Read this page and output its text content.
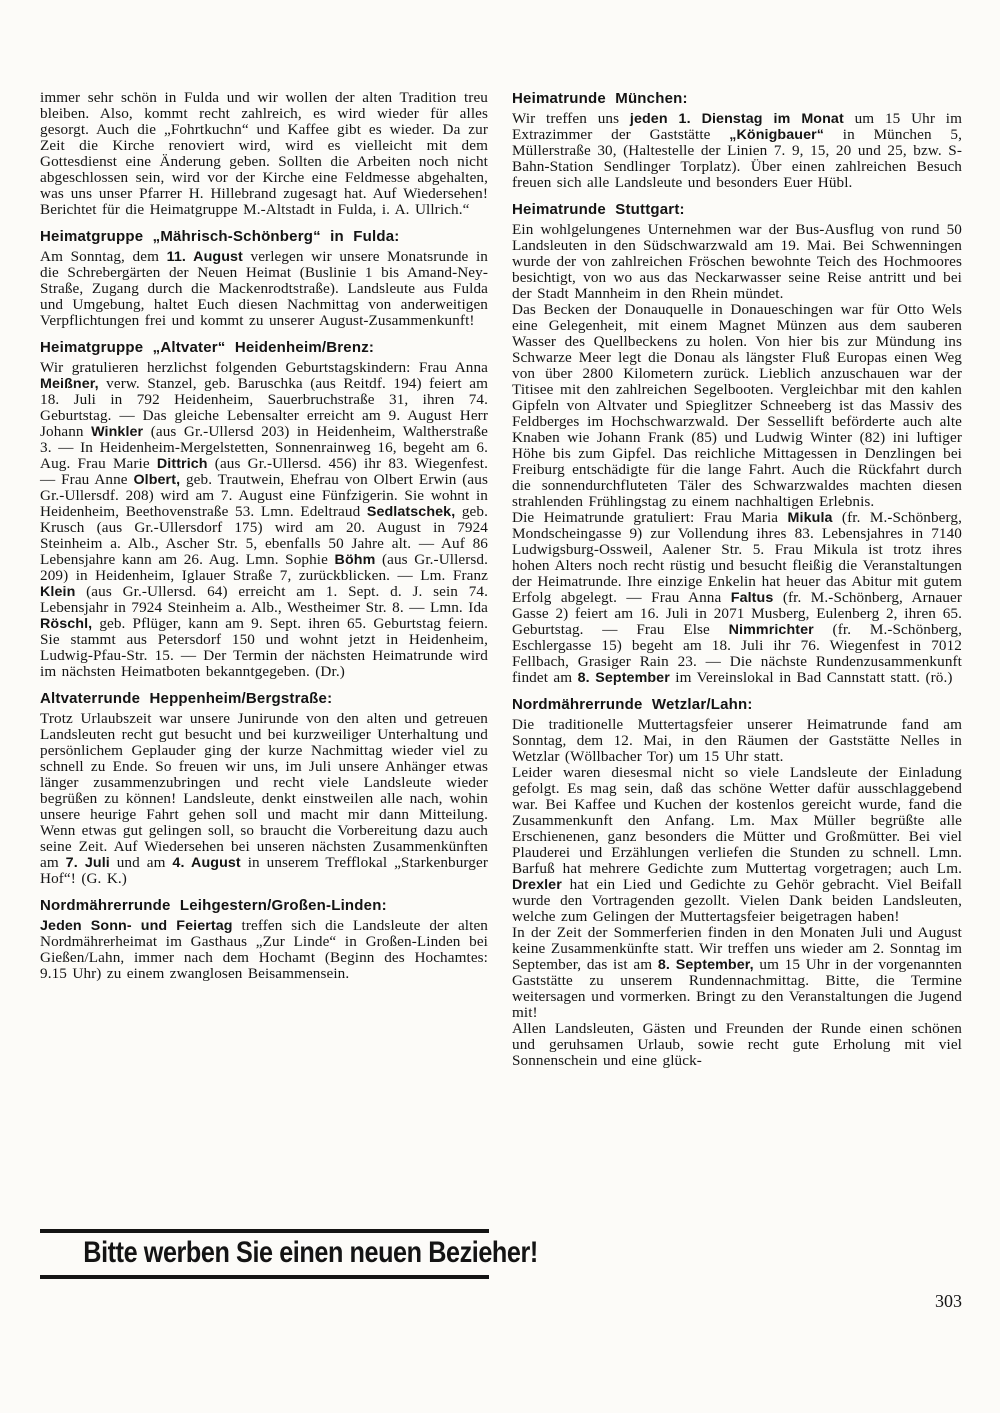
immer sehr schön in Fulda und wir wollen der alten Tradition treu bleiben. Also, kommt recht zahlreich, es wird wieder für alles gesorgt. Auch die „Fohrtkuchn“ und Kaffee gibt es wieder. Da zur Zeit die Kirche renoviert wird, wird es vielleicht mit dem Gottesdienst eine Änderung geben. Sollten die Arbeiten noch nicht abgeschlossen sein, wird vor der Kirche eine Feldmesse abgehalten, was uns unser Pfarrer H. Hillebrand zugesagt hat. Auf Wiedersehen! Berichtet für die Heimatgruppe M.-Altstadt in Fulda, i. A. Ullrich.“

Heimatgruppe „Mährisch-Schönberg“ in Fulda:

Am Sonntag, dem 11. August verlegen wir unsere Monatsrunde in die Schrebergärten der Neuen Heimat (Buslinie 1 bis Amand-Ney-Straße, Zugang durch die Mackenrodtstraße). Landsleute aus Fulda und Umgebung, haltet Euch diesen Nachmittag von anderweitigen Verpflichtungen frei und kommt zu unserer August-Zusammenkunft!

Heimatgruppe „Altvater“ Heidenheim/Brenz:

Wir gratulieren herzlichst folgenden Geburtstagskindern: Frau Anna Meißner, verw. Stanzel, geb. Baruschka (aus Reitdf. 194) feiert am 18. Juli in 792 Heidenheim, Sauerbruchstraße 31, ihren 74. Geburtstag. — Das gleiche Lebensalter erreicht am 9. August Herr Johann Winkler (aus Gr.-Ullersd 203) in Heidenheim, Waltherstraße 3. — In Heidenheim-Mergelstetten, Sonnenrainweg 16, begeht am 6. Aug. Frau Marie Dittrich (aus Gr.-Ullersd. 456) ihr 83. Wiegenfest. — Frau Anne Olbert, geb. Trautwein, Ehefrau von Olbert Erwin (aus Gr.-Ullersdf. 208) wird am 7. August eine Fünfzigerin. Sie wohnt in Heidenheim, Beethovenstraße 53. Lmn. Edeltraud Sedlatschek, geb. Krusch (aus Gr.-Ullersdorf 175) wird am 20. August in 7924 Steinheim a. Alb., Ascher Str. 5, ebenfalls 50 Jahre alt. — Auf 86 Lebensjahre kann am 26. Aug. Lmn. Sophie Böhm (aus Gr.-Ullersd. 209) in Heidenheim, Iglauer Straße 7, zurückblicken. — Lm. Franz Klein (aus Gr.-Ullersd. 64) erreicht am 1. Sept. d. J. sein 74. Lebensjahr in 7924 Steinheim a. Alb., Westheimer Str. 8. — Lmn. Ida Röschl, geb. Pflüger, kann am 9. Sept. ihren 65. Geburtstag feiern. Sie stammt aus Petersdorf 150 und wohnt jetzt in Heidenheim, Ludwig-Pfau-Str. 15. — Der Termin der nächsten Heimatrunde wird im nächsten Heimatboten bekanntgegeben. (Dr.)

Altvaterrunde Heppenheim/Bergstraße:

Trotz Urlaubszeit war unsere Junirunde von den alten und getreuen Landsleuten recht gut besucht und bei kurzweiliger Unterhaltung und persönlichem Geplauder ging der kurze Nachmittag wieder viel zu schnell zu Ende. So freuen wir uns, im Juli unsere Anhänger etwas länger zusammenzubringen und recht viele Landsleute wieder begrüßen zu können! Landsleute, denkt einstweilen alle nach, wohin unsere heurige Fahrt gehen soll und macht mir dann Mitteilung. Wenn etwas gut gelingen soll, so braucht die Vorbereitung dazu auch seine Zeit. Auf Wiedersehen bei unseren nächsten Zusammenkünften am 7. Juli und am 4. August in unserem Trefflokal „Starkenburger Hof“! (G. K.)

Nordmährerrunde Leihgestern/Großen-Linden:

Jeden Sonn- und Feiertag treffen sich die Landsleute der alten Nordmährerheimat im Gasthaus „Zur Linde“ in Großen-Linden bei Gießen/Lahn, immer nach dem Hochamt (Beginn des Hochamtes: 9.15 Uhr) zu einem zwanglosen Beisammensein.

Heimatrunde München:

Wir treffen uns jeden 1. Dienstag im Monat um 15 Uhr im Extrazimmer der Gaststätte „Königbauer“ in München 5, Müllerstraße 30, (Haltestelle der Linien 7. 9, 15, 20 und 25, bzw. S-Bahn-Station Sendlinger Torplatz). Über einen zahlreichen Besuch freuen sich alle Landsleute und besonders Euer Hübl.

Heimatrunde Stuttgart:

Ein wohlgelungenes Unternehmen war der Bus-Ausflug von rund 50 Landsleuten in den Südschwarzwald am 19. Mai. Bei Schwenningen wurde der von zahlreichen Fröschen bewohnte Teich des Hochmoores besichtigt, von wo aus das Neckarwasser seine Reise antritt und bei der Stadt Mannheim in den Rhein mündet.

Das Becken der Donauquelle in Donaueschingen war für Otto Wels eine Gelegenheit, mit einem Magnet Münzen aus dem sauberen Wasser des Quellbeckens zu holen. Von hier bis zur Mündung ins Schwarze Meer legt die Donau als längster Fluß Europas einen Weg von über 2800 Kilometern zurück. Lieblich anzuschauen war der Titisee mit den zahlreichen Segelbooten. Vergleichbar mit den kahlen Gipfeln von Altvater und Spieglitzer Schneeberg ist das Massiv des Feldberges im Hochschwarzwald. Der Sessellift beförderte auch alte Knaben wie Johann Frank (85) und Ludwig Winter (82) ini luftiger Höhe bis zum Gipfel. Das reichliche Mittagessen in Denzlingen bei Freiburg entschädigte für die lange Fahrt. Auch die Rückfahrt durch die sonnendurchfluteten Täler des Schwarzwaldes machten diesen strahlenden Frühlingstag zu einem nachhaltigen Erlebnis.

Die Heimatrunde gratuliert: Frau Maria Mikula (fr. M.-Schönberg, Mondscheingasse 9) zur Vollendung ihres 83. Lebensjahres in 7140 Ludwigsburg-Ossweil, Aalener Str. 5. Frau Mikula ist trotz ihres hohen Alters noch recht rüstig und besucht fleißig die Veranstaltungen der Heimatrunde. Ihre einzige Enkelin hat heuer das Abitur mit gutem Erfolg abgelegt. — Frau Anna Faltus (fr. M.-Schönberg, Arnauer Gasse 2) feiert am 16. Juli in 2071 Musberg, Eulenberg 2, ihren 65. Geburtstag. — Frau Else Nimmrichter (fr. M.-Schönberg, Eschlergasse 15) begeht am 18. Juli ihr 76. Wiegenfest in 7012 Fellbach, Grasiger Rain 23. — Die nächste Rundenzusammenkunft findet am 8. September im Vereinslokal in Bad Cannstatt statt. (rö.)

Nordmährerrunde Wetzlar/Lahn:

Die traditionelle Muttertagsfeier unserer Heimatrunde fand am Sonntag, dem 12. Mai, in den Räumen der Gaststätte Nelles in Wetzlar (Wöllbacher Tor) um 15 Uhr statt.

Leider waren diesesmal nicht so viele Landsleute der Einladung gefolgt. Es mag sein, daß das schöne Wetter dafür ausschlaggebend war. Bei Kaffee und Kuchen der kostenlos gereicht wurde, fand die Zusammenkunft den Anfang. Lm. Max Müller begrüßte alle Erschienenen, ganz besonders die Mütter und Großmütter. Bei viel Plauderei und Erzählungen verliefen die Stunden zu schnell. Lmn. Barfuß hat mehrere Gedichte zum Muttertag vorgetragen; auch Lm. Drexler hat ein Lied und Gedichte zu Gehör gebracht. Viel Beifall wurde den Vortragenden gezollt. Vielen Dank beiden Landsleuten, welche zum Gelingen der Muttertagsfeier beigetragen haben!

In der Zeit der Sommerferien finden in den Monaten Juli und August keine Zusammenkünfte statt. Wir treffen uns wieder am 2. Sonntag im September, das ist am 8. September, um 15 Uhr in der vorgenannten Gaststätte zu unserem Rundennachmittag. Bitte, die Termine weitersagen und vormerken. Bringt zu den Veranstaltungen die Jugend mit!

Allen Landsleuten, Gästen und Freunden der Runde einen schönen und geruhsamen Urlaub, sowie recht gute Erholung mit viel Sonnenschein und eine glück-

Bitte werben Sie einen neuen Bezieher!
303
